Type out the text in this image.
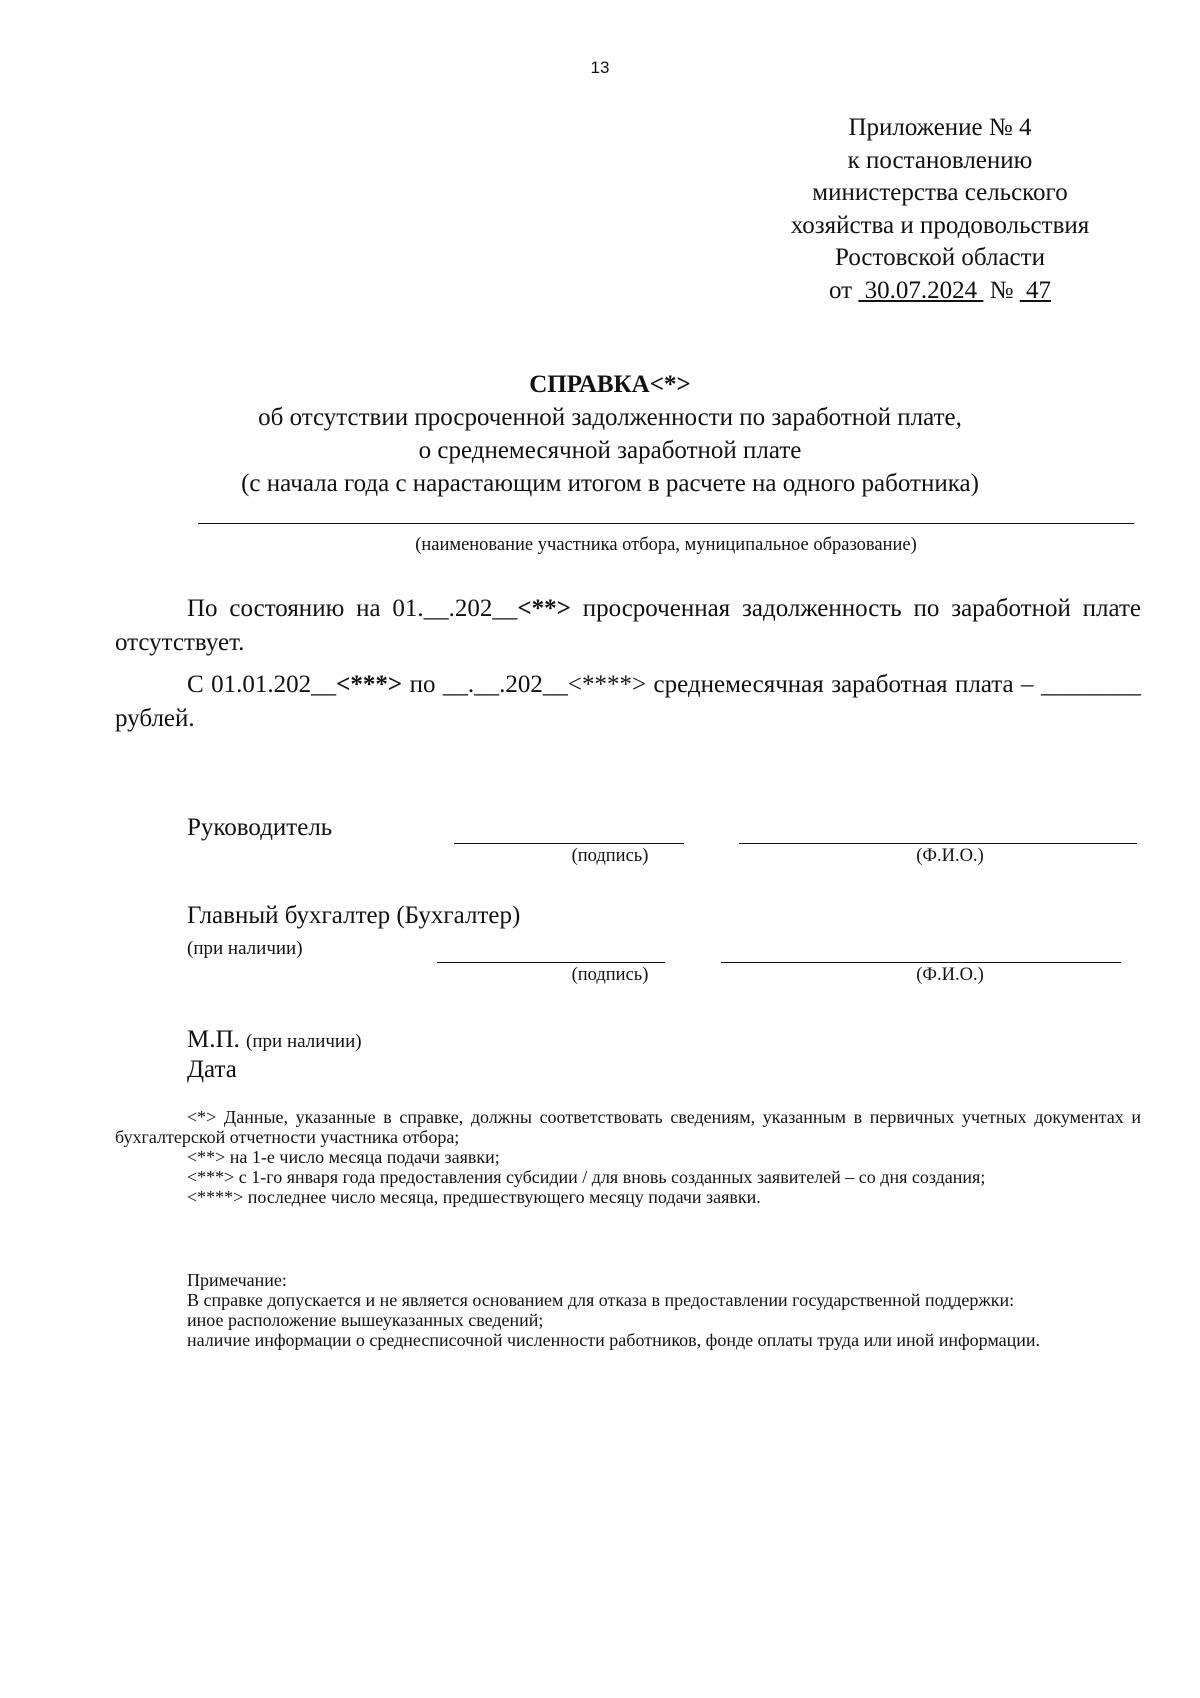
13
Приложение № 4
к постановлению
министерства сельского
хозяйства и продовольствия
Ростовской области
от 30.07.2024 № 47
СПРАВКА<*>
об отсутствии просроченной задолженности по заработной плате,
о среднемесячной заработной плате
(с начала года с нарастающим итогом в расчете на одного работника)
(наименование участника отбора, муниципальное образование)
По состоянию на 01.__.202__<**> просроченная задолженность по заработной плате отсутствует.
С 01.01.202__<***> по __.__.202__<****> среднемесячная заработная плата – ________ рублей.
Руководитель
(подпись)	(Ф.И.О.)
Главный бухгалтер (Бухгалтер)
(при наличии)
(подпись)	(Ф.И.О.)
М.П. (при наличии)
Дата

<*> Данные, указанные в справке, должны соответствовать сведениям, указанным в первичных учетных документах и бухгалтерской отчетности участника отбора;

<**> на 1-е число месяца подачи заявки;

<***> с 1-го января года предоставления субсидии / для вновь созданных заявителей – со дня создания;

<****> последнее число месяца, предшествующего месяцу подачи заявки.

Примечание:

В справке допускается и не является основанием для отказа в предоставлении государственной поддержки:

иное расположение вышеуказанных сведений;

наличие информации о среднесписочной численности работников, фонде оплаты труда или иной информации.
